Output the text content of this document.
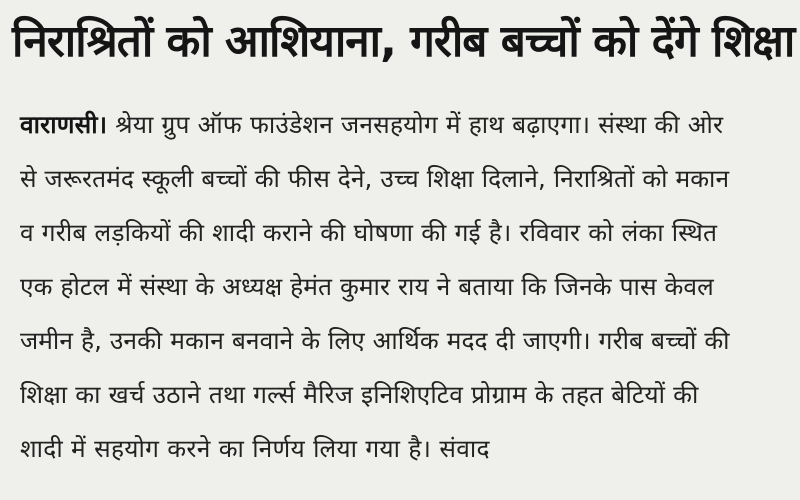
निराश्रितों को आशियाना, गरीब बच्चों को देंगे शिक्षा
वाराणसी। श्रेया ग्रुप ऑफ फाउंडेशन जनसहयोग में हाथ बढ़ाएगा। संस्था की ओर
से जरूरतमंद स्कूली बच्चों की फीस देने, उच्च शिक्षा दिलाने, निराश्रितों को मकान
व गरीब लड़कियों की शादी कराने की घोषणा की गई है। रविवार को लंका स्थित
एक होटल में संस्था के अध्यक्ष हेमंत कुमार राय ने बताया कि जिनके पास केवल
जमीन है, उनकी मकान बनवाने के लिए आर्थिक मदद दी जाएगी। गरीब बच्चों की
शिक्षा का खर्च उठाने तथा गर्ल्स मैरिज इनिशिएटिव प्रोग्राम के तहत बेटियों की
शादी में सहयोग करने का निर्णय लिया गया है। संवाद
